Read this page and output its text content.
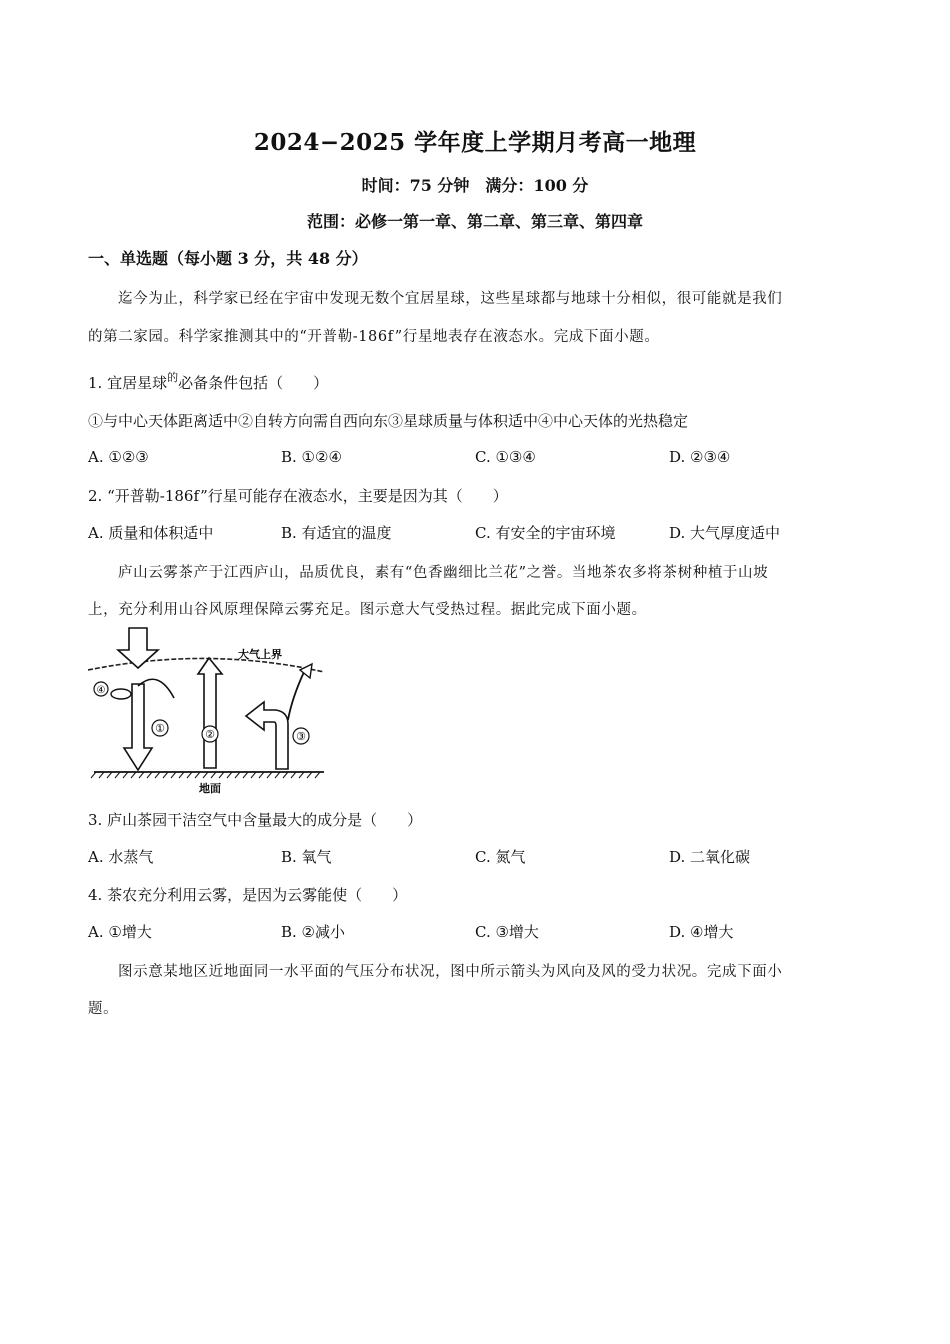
2024−2025 学年度上学期月考高一地理
时间：75 分钟　满分：100 分
范围：必修一第一章、第二章、第三章、第四章
一、单选题（每小题 3 分，共 48 分）
迄今为止，科学家已经在宇宙中发现无数个宜居星球，这些星球都与地球十分相似，很可能就是我们
的第二家园。科学家推测其中的“开普勒-186f”行星地表存在液态水。完成下面小题。
1. 宜居星球$^的$必备条件包括（　　）
①与中心天体距离适中②自转方向需自西向东③星球质量与体积适中④中心天体的光热稳定
A. ①②③	B. ①②④	C. ①③④	D. ②③④
2. “开普勒-186f”行星可能存在液态水，主要是因为其（　　）
A. 质量和体积适中	B. 有适宜的温度	C. 有安全的宇宙环境	D. 大气厚度适中
庐山云雾茶产于江西庐山，品质优良，素有“色香幽细比兰花”之誉。当地茶农多将茶树种植于山坡
上，充分利用山谷风原理保障云雾充足。图示意大气受热过程。据此完成下面小题。
大气上界
①
④
②	③
地面
3. 庐山茶园干洁空气中含量最大的成分是（　　）
A. 水蒸气	B. 氧气	C. 氮气	D. 二氧化碳
4. 茶农充分利用云雾，是因为云雾能使（　　）
A. ①增大	B. ②减小	C. ③增大	D. ④增大
图示意某地区近地面同一水平面的气压分布状况，图中所示箭头为风向及风的受力状况。完成下面小
题。
